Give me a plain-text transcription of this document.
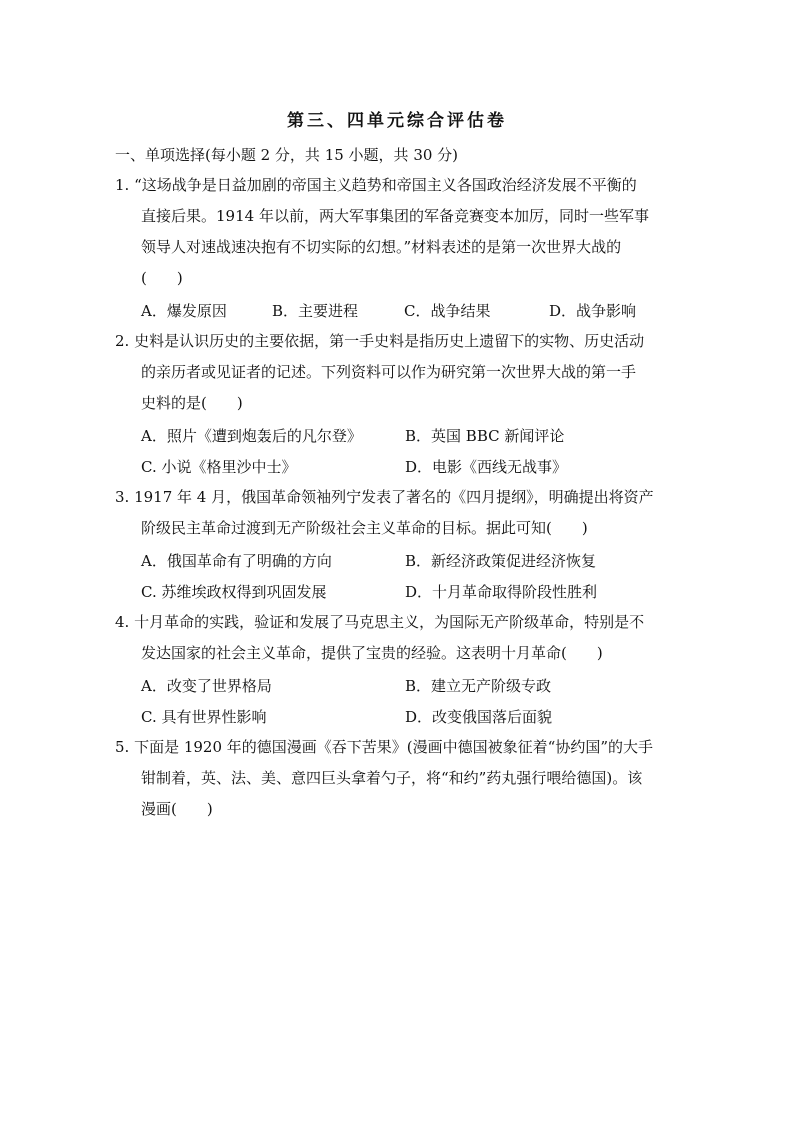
第三、四单元综合评估卷
一、单项选择(每小题 2 分，共 15 小题，共 30 分)
1. “这场战争是日益加剧的帝国主义趋势和帝国主义各国政治经济发展不平衡的
直接后果。1914 年以前，两大军事集团的军备竞赛变本加厉，同时一些军事
领导人对速战速决抱有不切实际的幻想。”材料表述的是第一次世界大战的
(　　)
A．爆发原因	B．主要进程	C．战争结果	D．战争影响
2. 史料是认识历史的主要依据，第一手史料是指历史上遗留下的实物、历史活动
的亲历者或见证者的记述。下列资料可以作为研究第一次世界大战的第一手
史料的是(　　)
A．照片《遭到炮轰后的凡尔登》	B．英国 BBC 新闻评论
C. 小说《格里沙中士》	D．电影《西线无战事》
3. 1917 年 4 月，俄国革命领袖列宁发表了著名的《四月提纲》，明确提出将资产
阶级民主革命过渡到无产阶级社会主义革命的目标。据此可知(　　)
A．俄国革命有了明确的方向	B．新经济政策促进经济恢复
C. 苏维埃政权得到巩固发展	D．十月革命取得阶段性胜利
4. 十月革命的实践，验证和发展了马克思主义，为国际无产阶级革命，特别是不
发达国家的社会主义革命，提供了宝贵的经验。这表明十月革命(　　)
A．改变了世界格局	B．建立无产阶级专政
C. 具有世界性影响	D．改变俄国落后面貌
5. 下面是 1920 年的德国漫画《吞下苦果》(漫画中德国被象征着“协约国”的大手
钳制着，英、法、美、意四巨头拿着勺子，将“和约”药丸强行喂给德国)。该
漫画(　　)
